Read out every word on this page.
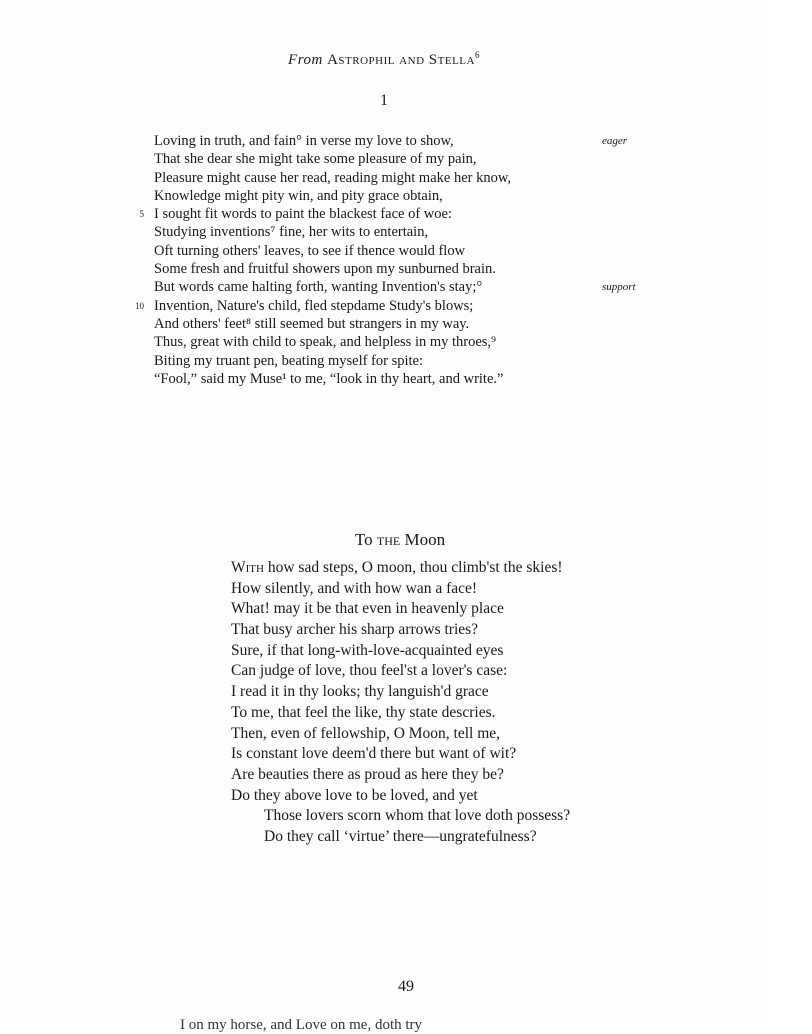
From Astrophil and Stella$^6$
1
Loving in truth, and fain° in verse my love to show,	eager
That she dear she might take some pleasure of my pain,
Pleasure might cause her read, reading might make her know,
Knowledge might pity win, and pity grace obtain,
5 I sought fit words to paint the blackest face of woe:
Studying inventions⁷ fine, her wits to entertain,
Oft turning others' leaves, to see if thence would flow
Some fresh and fruitful showers upon my sunburned brain.
But words came halting forth, wanting Invention's stay;°	support
10 Invention, Nature's child, fled stepdame Study's blows;
And others' feet⁸ still seemed but strangers in my way.
Thus, great with child to speak, and helpless in my throes,⁹
Biting my truant pen, beating myself for spite:
“Fool,” said my Muse¹ to me, “look in thy heart, and write.”
To THE Moon
With how sad steps, O moon, thou climb'st the skies!
How silently, and with how wan a face!
What! may it be that even in heavenly place
That busy archer his sharp arrows tries?
Sure, if that long-with-love-acquainted eyes
Can judge of love, thou feel'st a lover's case:
I read it in thy looks; thy languish'd grace
To me, that feel the like, thy state descries.
Then, even of fellowship, O Moon, tell me,
Is constant love deem'd there but want of wit?
Are beauties there as proud as here they be?
Do they above love to be loved, and yet
Those lovers scorn whom that love doth possess?
Do they call ‘virtue’ there—ungratefulness?
49
I on my horse, and Love on me, doth try
